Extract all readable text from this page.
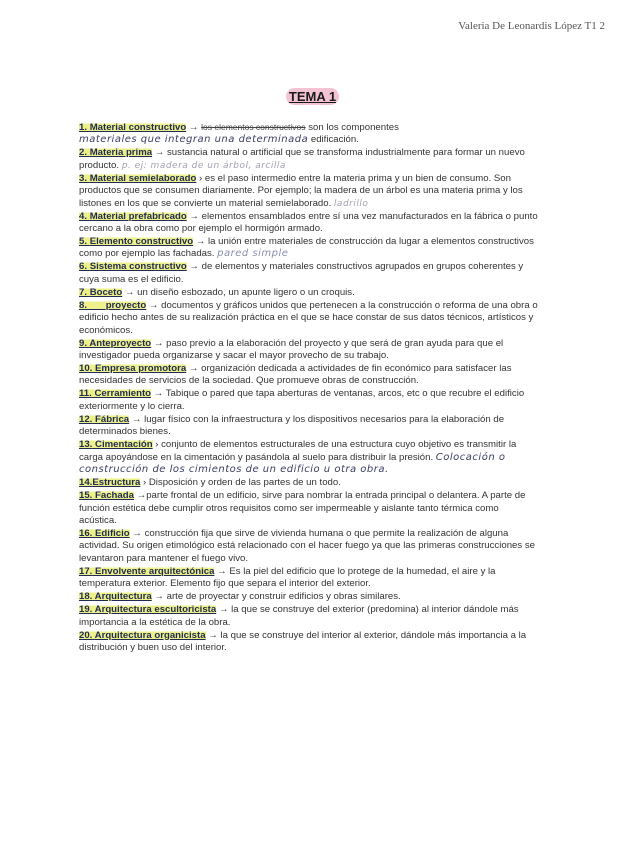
Valeria De Leonardis López T1 2
TEMA 1
1. Material constructivo → los elementos constructivos son los componentes
materiales que integran una determinada edificación.
2. Materia prima → sustancia natural o artificial que se transforma industrialmente para formar un nuevo producto. p. ej: madera de un árbol, arcilla
3. Material semielaborado › es el paso intermedio entre la materia prima y un bien de consumo. Son productos que se consumen diariamente. Por ejemplo; la madera de un árbol es una materia prima y los listones en los que se convierte un material semielaborado. ladrillo
4. Material prefabricado → elementos ensamblados entre sí una vez manufacturados en la fábrica o punto cercano a la obra como por ejemplo el hormigón armado.
5. Elemento constructivo → la unión entre materiales de construcción da lugar a elementos constructivos como por ejemplo las fachadas. pared simple
6. Sistema constructivo → de elementos y materiales constructivos agrupados en grupos coherentes y cuya suma es el edificio.
7. Boceto → un diseño esbozado, un apunte ligero o un croquis.
8. proyecto → documentos y gráficos unidos que pertenecen a la construcción o reforma de una obra o edificio hecho antes de su realización práctica en el que se hace constar de sus datos técnicos, artísticos y económicos.
9. Anteproyecto → paso previo a la elaboración del proyecto y que será de gran ayuda para que el investigador pueda organizarse y sacar el mayor provecho de su trabajo.
10. Empresa promotora → organización dedicada a actividades de fin económico para satisfacer las necesidades de servicios de la sociedad. Que promueve obras de construcción.
11. Cerramiento → Tabique o pared que tapa aberturas de ventanas, arcos, etc o que recubre el edificio exteriormente y lo cierra.
12. Fábrica → lugar físico con la infraestructura y los dispositivos necesarios para la elaboración de determinados bienes.
13. Cimentación › conjunto de elementos estructurales de una estructura cuyo objetivo es transmitir la carga apoyándose en la cimentación y pasándola al suelo para distribuir la presión. Colocación o construcción de los cimientos de un edificio u otra obra.
14.Estructura › Disposición y orden de las partes de un todo.
15. Fachada →parte frontal de un edificio, sirve para nombrar la entrada principal o delantera. A parte de función estética debe cumplir otros requisitos como ser impermeable y aislante tanto térmica como acústica.
16. Edificio → construcción fija que sirve de vivienda humana o que permite la realización de alguna actividad. Su origen etimológico está relacionado con el hacer fuego ya que las primeras construcciones se levantaron para mantener el fuego vivo.
17. Envolvente arquitectónica → Es la piel del edificio que lo protege de la humedad, el aire y la temperatura exterior. Elemento fijo que separa el interior del exterior.
18. Arquitectura → arte de proyectar y construir edificios y obras similares.
19. Arquitectura escultoricista → la que se construye del exterior (predomina) al interior dándole más importancia a la estética de la obra.
20. Arquitectura organicista → la que se construye del interior al exterior, dándole más importancia a la distribución y buen uso del interior.
